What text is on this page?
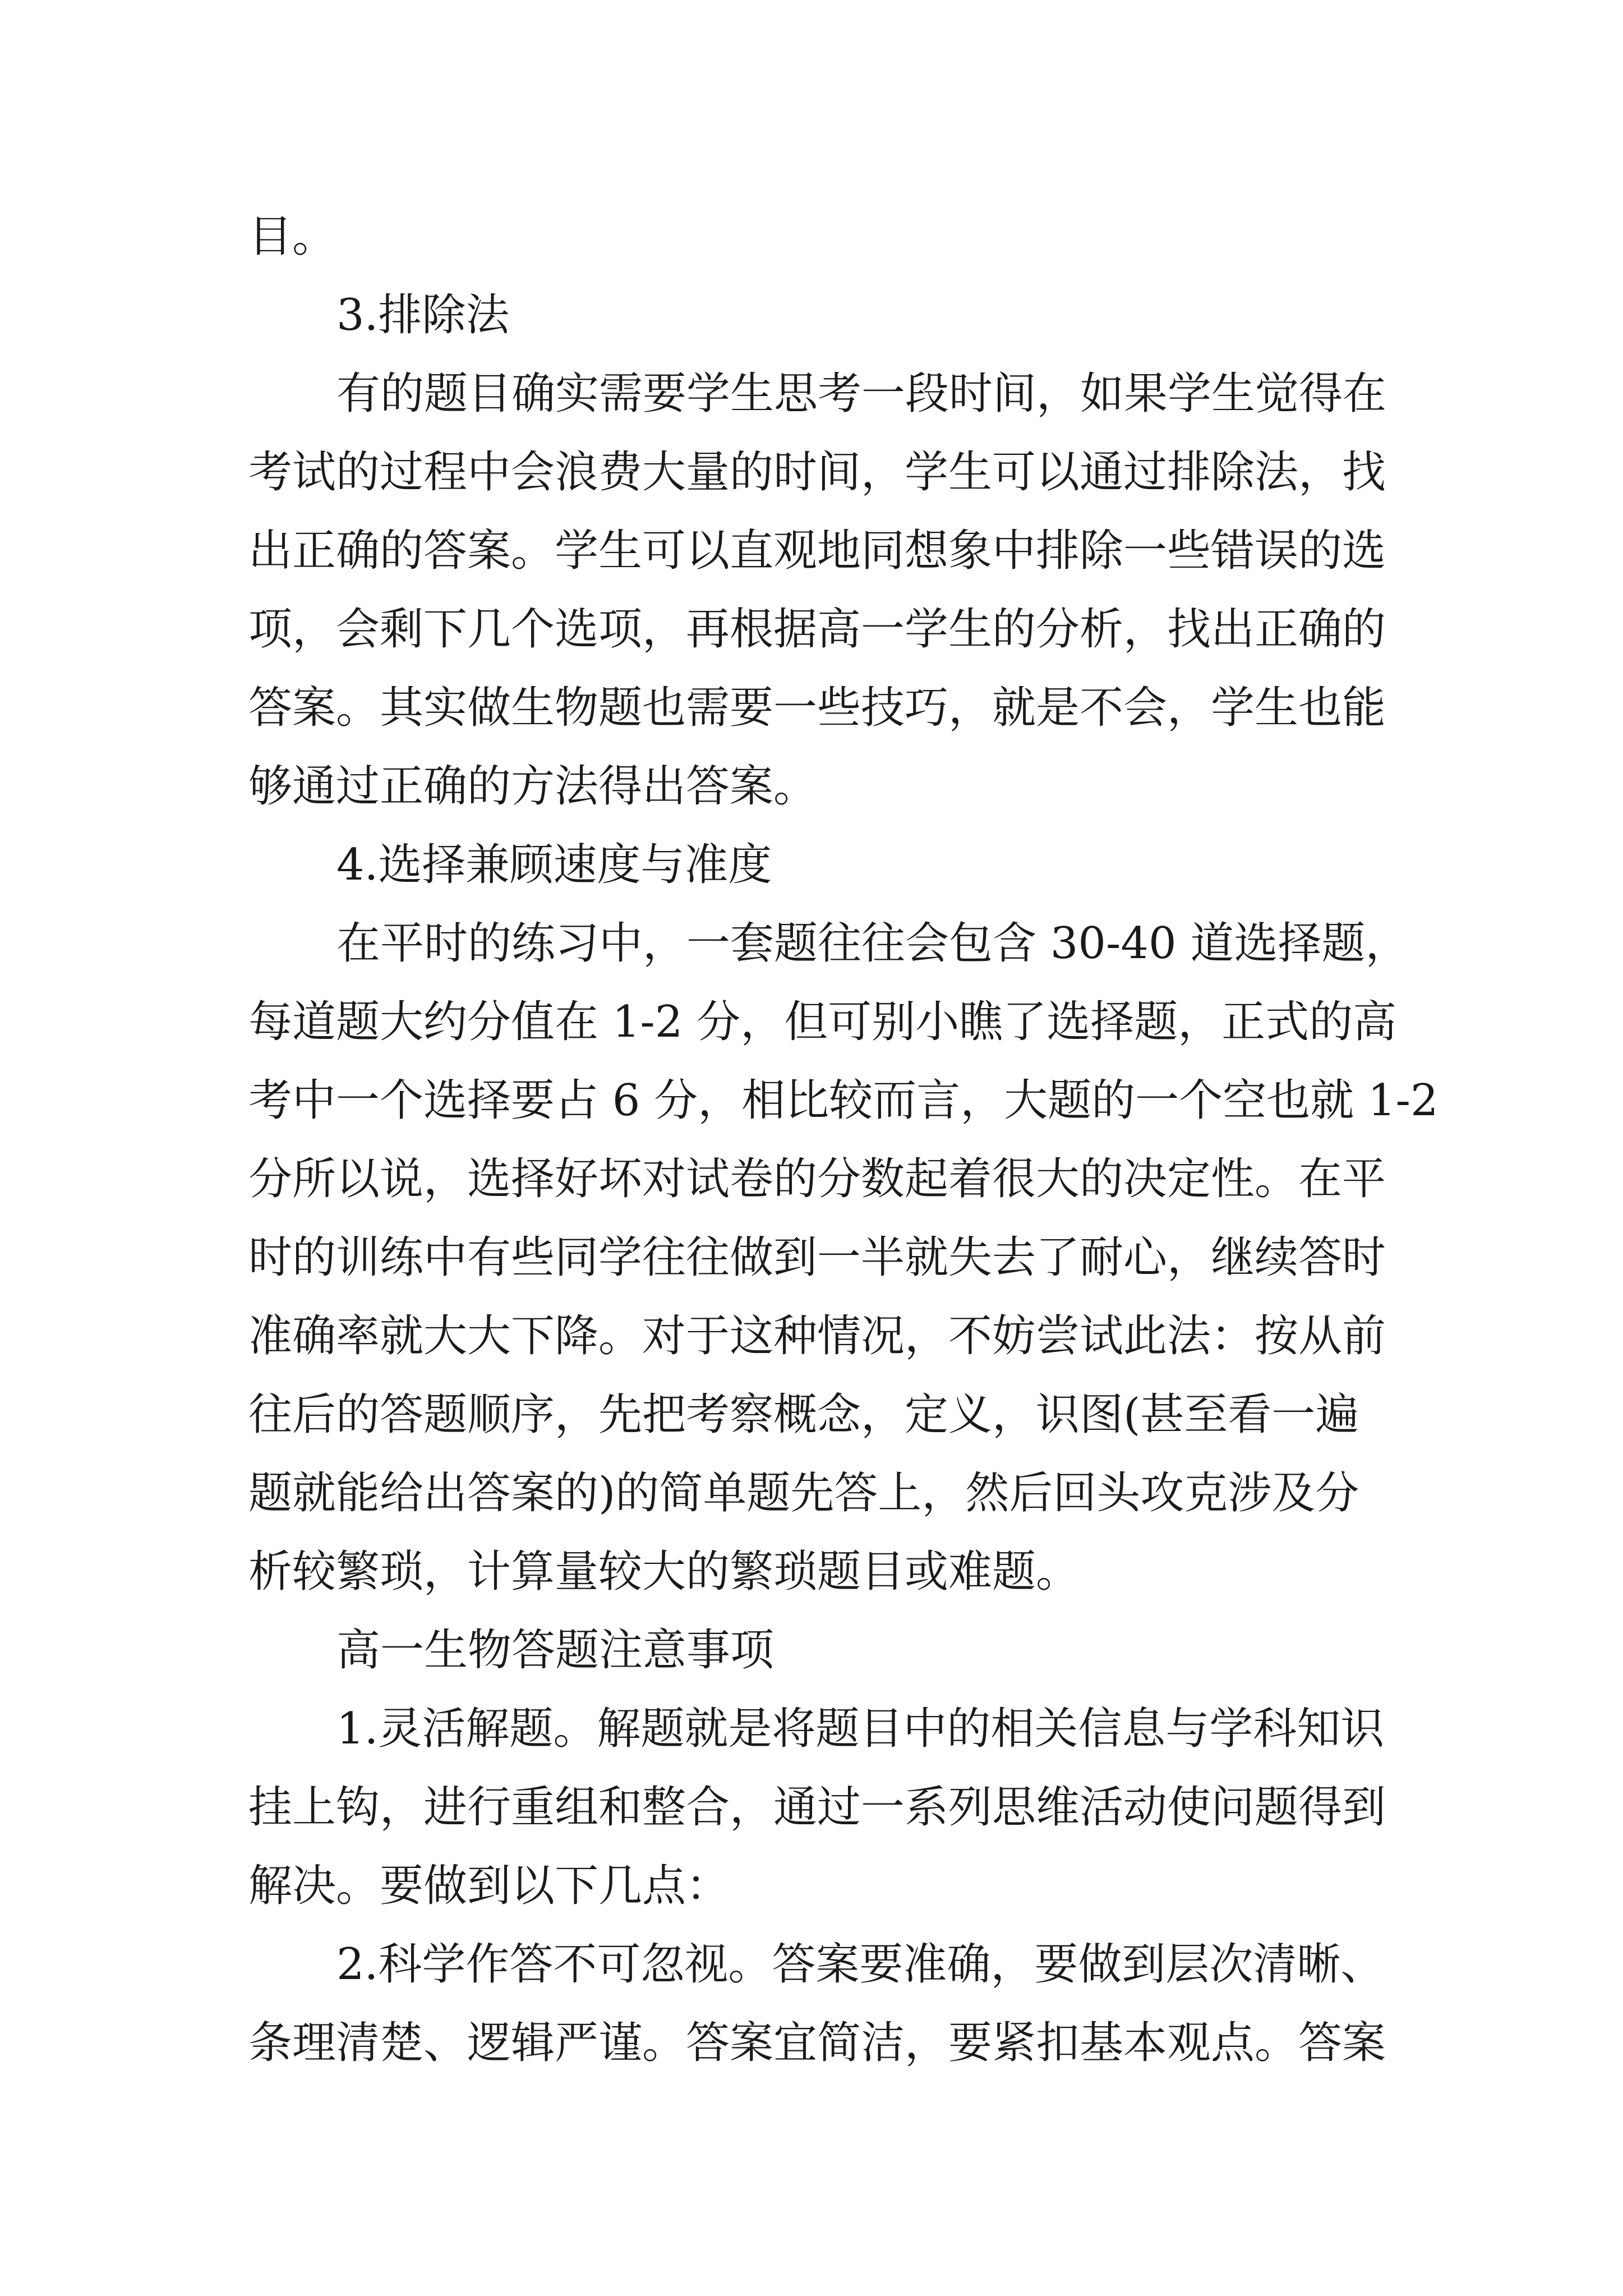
目。
3.排除法
有的题目确实需要学生思考一段时间，如果学生觉得在
考试的过程中会浪费大量的时间，学生可以通过排除法，找
出正确的答案。学生可以直观地同想象中排除一些错误的选
项，会剩下几个选项，再根据高一学生的分析，找出正确的
答案。其实做生物题也需要一些技巧，就是不会，学生也能
够通过正确的方法得出答案。
4.选择兼顾速度与准度
在平时的练习中，一套题往往会包含 30-40 道选择题，
每道题大约分值在 1-2 分，但可别小瞧了选择题，正式的高
考中一个选择要占 6 分，相比较而言，大题的一个空也就 1-2
分所以说，选择好坏对试卷的分数起着很大的决定性。在平
时的训练中有些同学往往做到一半就失去了耐心，继续答时
准确率就大大下降。对于这种情况，不妨尝试此法：按从前
往后的答题顺序，先把考察概念，定义，识图(甚至看一遍
题就能给出答案的)的简单题先答上，然后回头攻克涉及分
析较繁琐，计算量较大的繁琐题目或难题。
高一生物答题注意事项
1.灵活解题。解题就是将题目中的相关信息与学科知识
挂上钩，进行重组和整合，通过一系列思维活动使问题得到
解决。要做到以下几点：
2.科学作答不可忽视。答案要准确，要做到层次清晰、
条理清楚、逻辑严谨。答案宜简洁，要紧扣基本观点。答案
